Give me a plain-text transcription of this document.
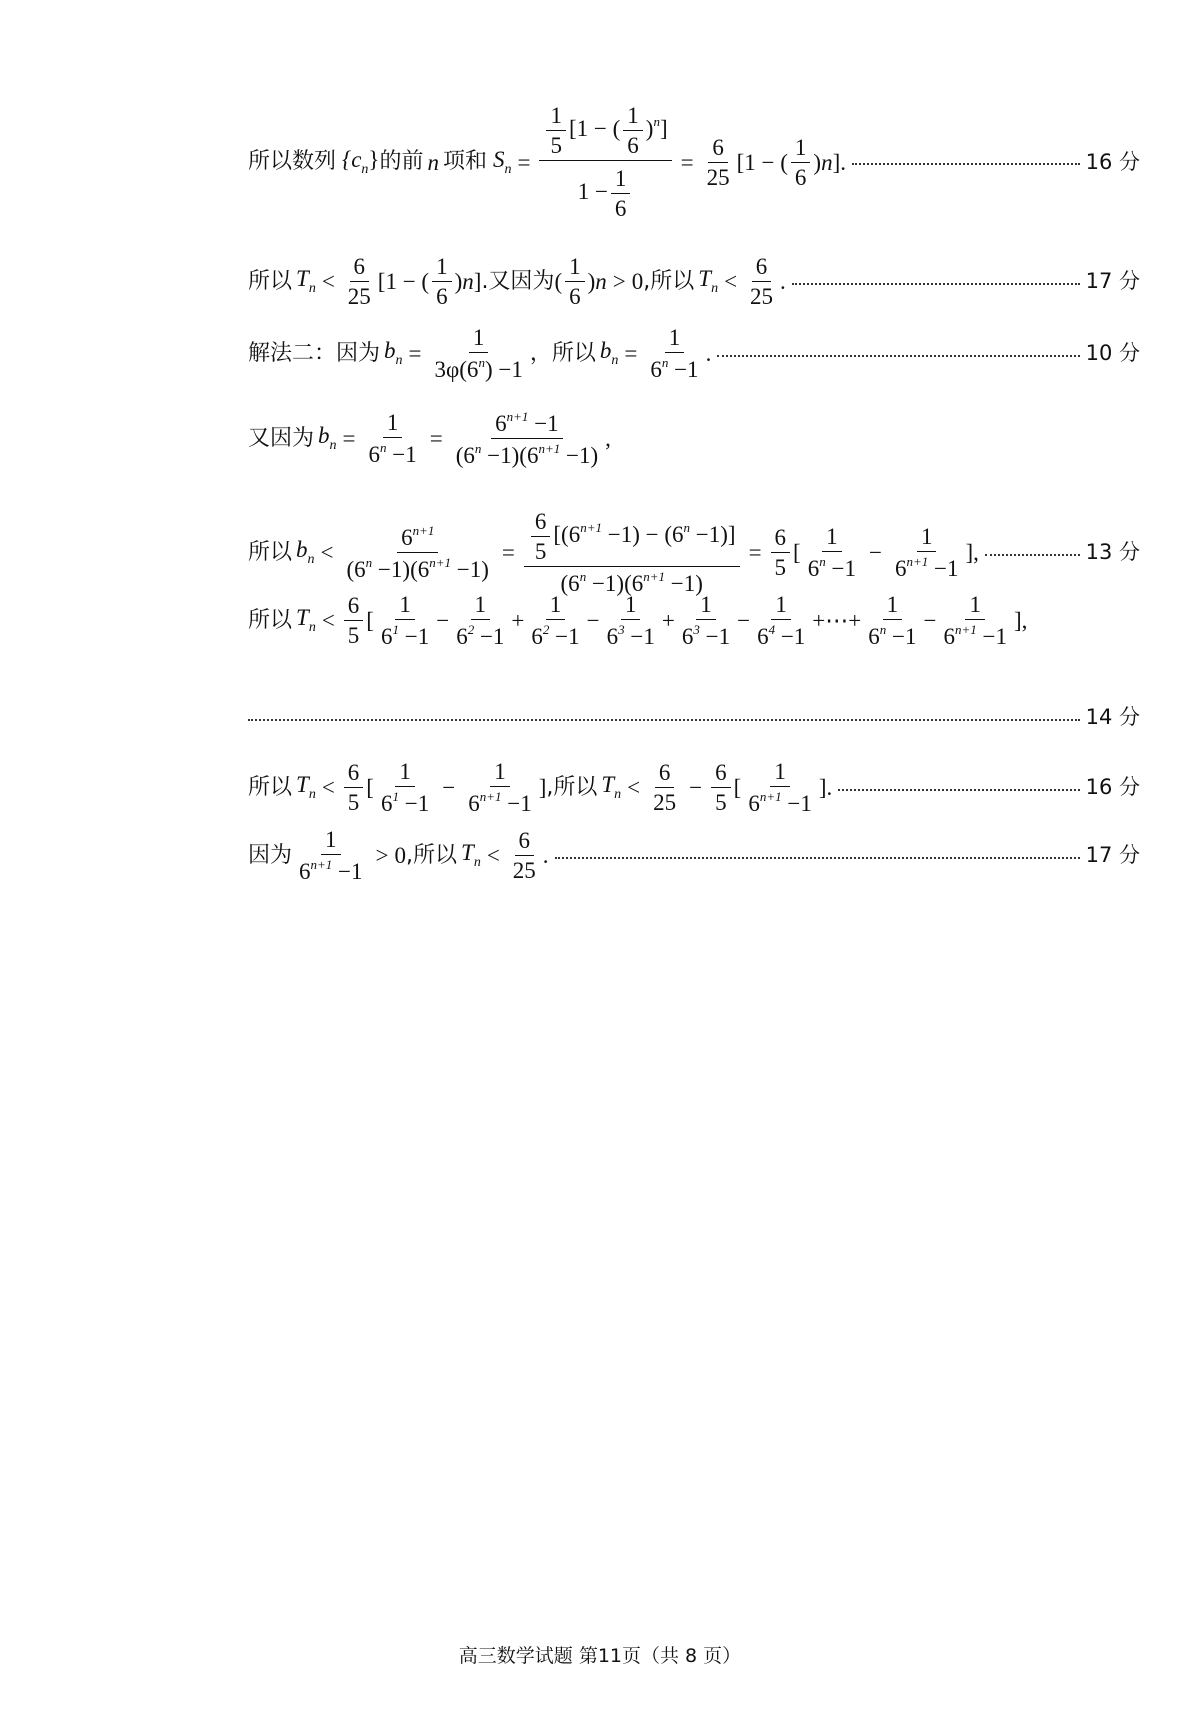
所以数列 $\{c_n\}$ 的前 n 项和 $S_n = \frac{\frac{1}{5} [1 - ( \frac{1}{6} )^n]}{1 - \frac{1}{6}} = \frac{6}{25} [1$ − ( $\frac{1}{6}$ ) n ] .	16 分
所以 $T_n < \frac{6}{25} [1$ − ( $\frac{1}{6}$ ) n ] .又因为 ( $\frac{1}{6}$ ) n > 0 ,所以 $T_n < \frac{6}{25}$ .	17 分
解法二：因为 $b_n = \frac{1}{3\varphi(6^n) -1}$ ，所以 $b_n = \frac{1}{6^n -1}$ .	10 分
又因为 $b_n = \frac{1}{6^n -1} = \frac{6^{n+1} -1}{(6^n -1)(6^{n+1} -1)}$ ,
所以 $b_n < \frac{6^{n+1}}{(6^n -1)(6^{n+1} -1)} = \frac{\frac{6}{5} [(6^{n+1} -1) - (6^n -1)]}{(6^n -1)(6^{n+1} -1)} = \frac{6}{5}$ [ $\frac{1}{6^n -1} - \frac{1}{6^{n+1} -1}$ ] ,	13 分
所以 $T_n < \frac{6}{5}$ [ $\frac{1}{6^1 -1} - \frac{1}{6^2 -1} + \frac{1}{6^2 -1} - \frac{1}{6^3 -1} + \frac{1}{6^3 -1} - \frac{1}{6^4 -1}$ +⋯+ $\frac{1}{6^n -1} - \frac{1}{6^{n+1} -1}$ ] ,
14 分
所以 $T_n < \frac{6}{5}$ [ $\frac{1}{6^1 -1} - \frac{1}{6^{n+1} -1}$ ] ,所以 $T_n < \frac{6}{25} - \frac{6}{5}$ [ $\frac{1}{6^{n+1} -1}$ ] .	16 分
因为 $\frac{1}{6^{n+1} -1} > 0$ ,所以 $T_n < \frac{6}{25}$ .	17 分
高三数学试题 第11页（共 8 页）
